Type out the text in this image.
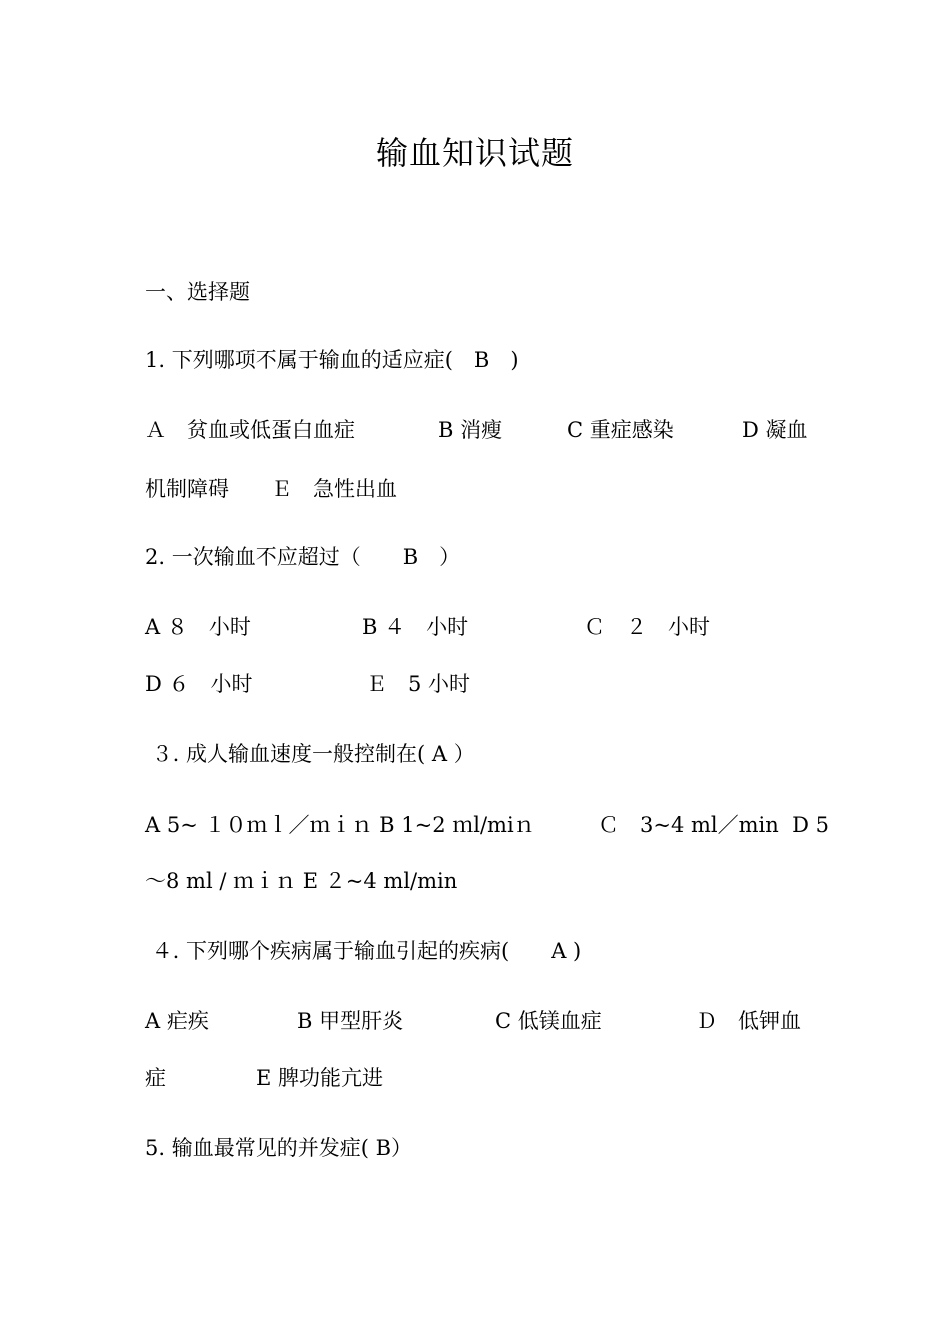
输血知识试题
一、选择题
1. 下列哪项不属于输血的适应症(　B　)
Ａ　贫血或低蛋白血症	B 消瘦	C 重症感染	D 凝血
机制障碍　　Ｅ　急性出血
2. 一次输血不应超过（　　B　）
A ８　小时	B ４　小时	Ｃ　２　小时
D ６　小时	Ｅ　5 小时
３. 成人输血速度一般控制在( A ）
A 5~ １０ｍｌ／ｍｉｎ B 1~2 ｍl/miｎ	Ｃ　3~4 ml／min  D 5
～8 ml / ｍｉｎ E ２~4 ml/min
４. 下列哪个疾病属于输血引起的疾病(　　A )
A 疟疾	B 甲型肝炎	C 低镁血症	Ｄ　低钾血
症	E 脾功能亢进
5. 输血最常见的并发症( B）
